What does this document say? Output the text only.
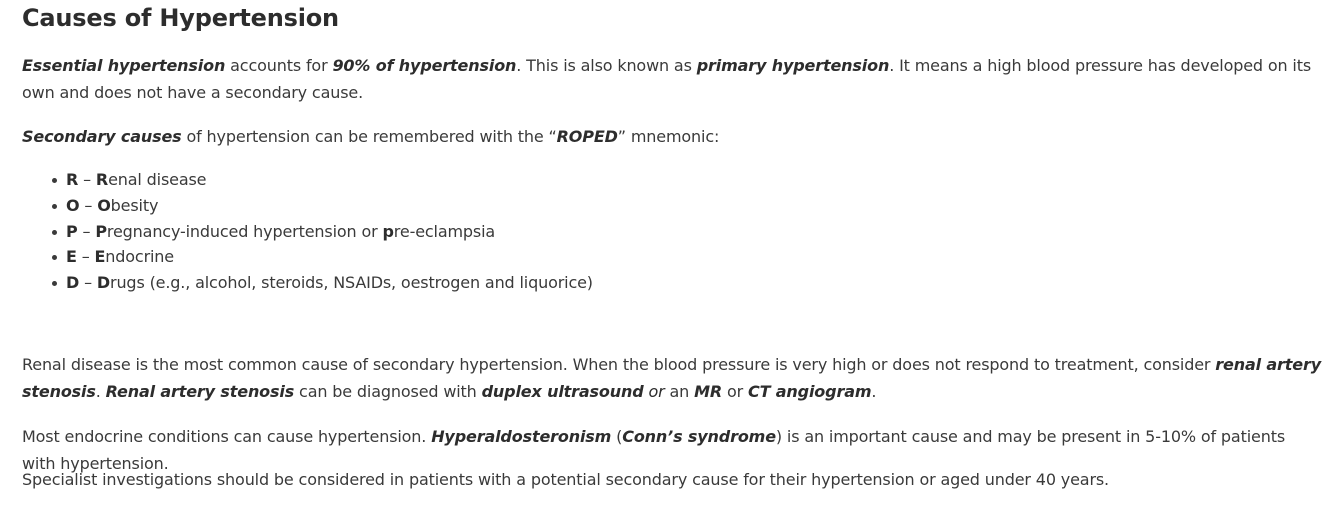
Causes of Hypertension

Essential hypertension accounts for 90% of hypertension. This is also known as primary hypertension. It means a high blood pressure has developed on its own and does not have a secondary cause.

Secondary causes of hypertension can be remembered with the “ROPED” mnemonic:

R – Renal disease
O – Obesity
P – Pregnancy-induced hypertension or pre-eclampsia
E – Endocrine
D – Drugs (e.g., alcohol, steroids, NSAIDs, oestrogen and liquorice)

Renal disease is the most common cause of secondary hypertension. When the blood pressure is very high or does not respond to treatment, consider renal artery stenosis. Renal artery stenosis can be diagnosed with duplex ultrasound or an MR or CT angiogram.

Most endocrine conditions can cause hypertension. Hyperaldosteronism (Conn’s syndrome) is an important cause and may be present in 5-10% of patients with hypertension.

Specialist investigations should be considered in patients with a potential secondary cause for their hypertension or aged under 40 years.
